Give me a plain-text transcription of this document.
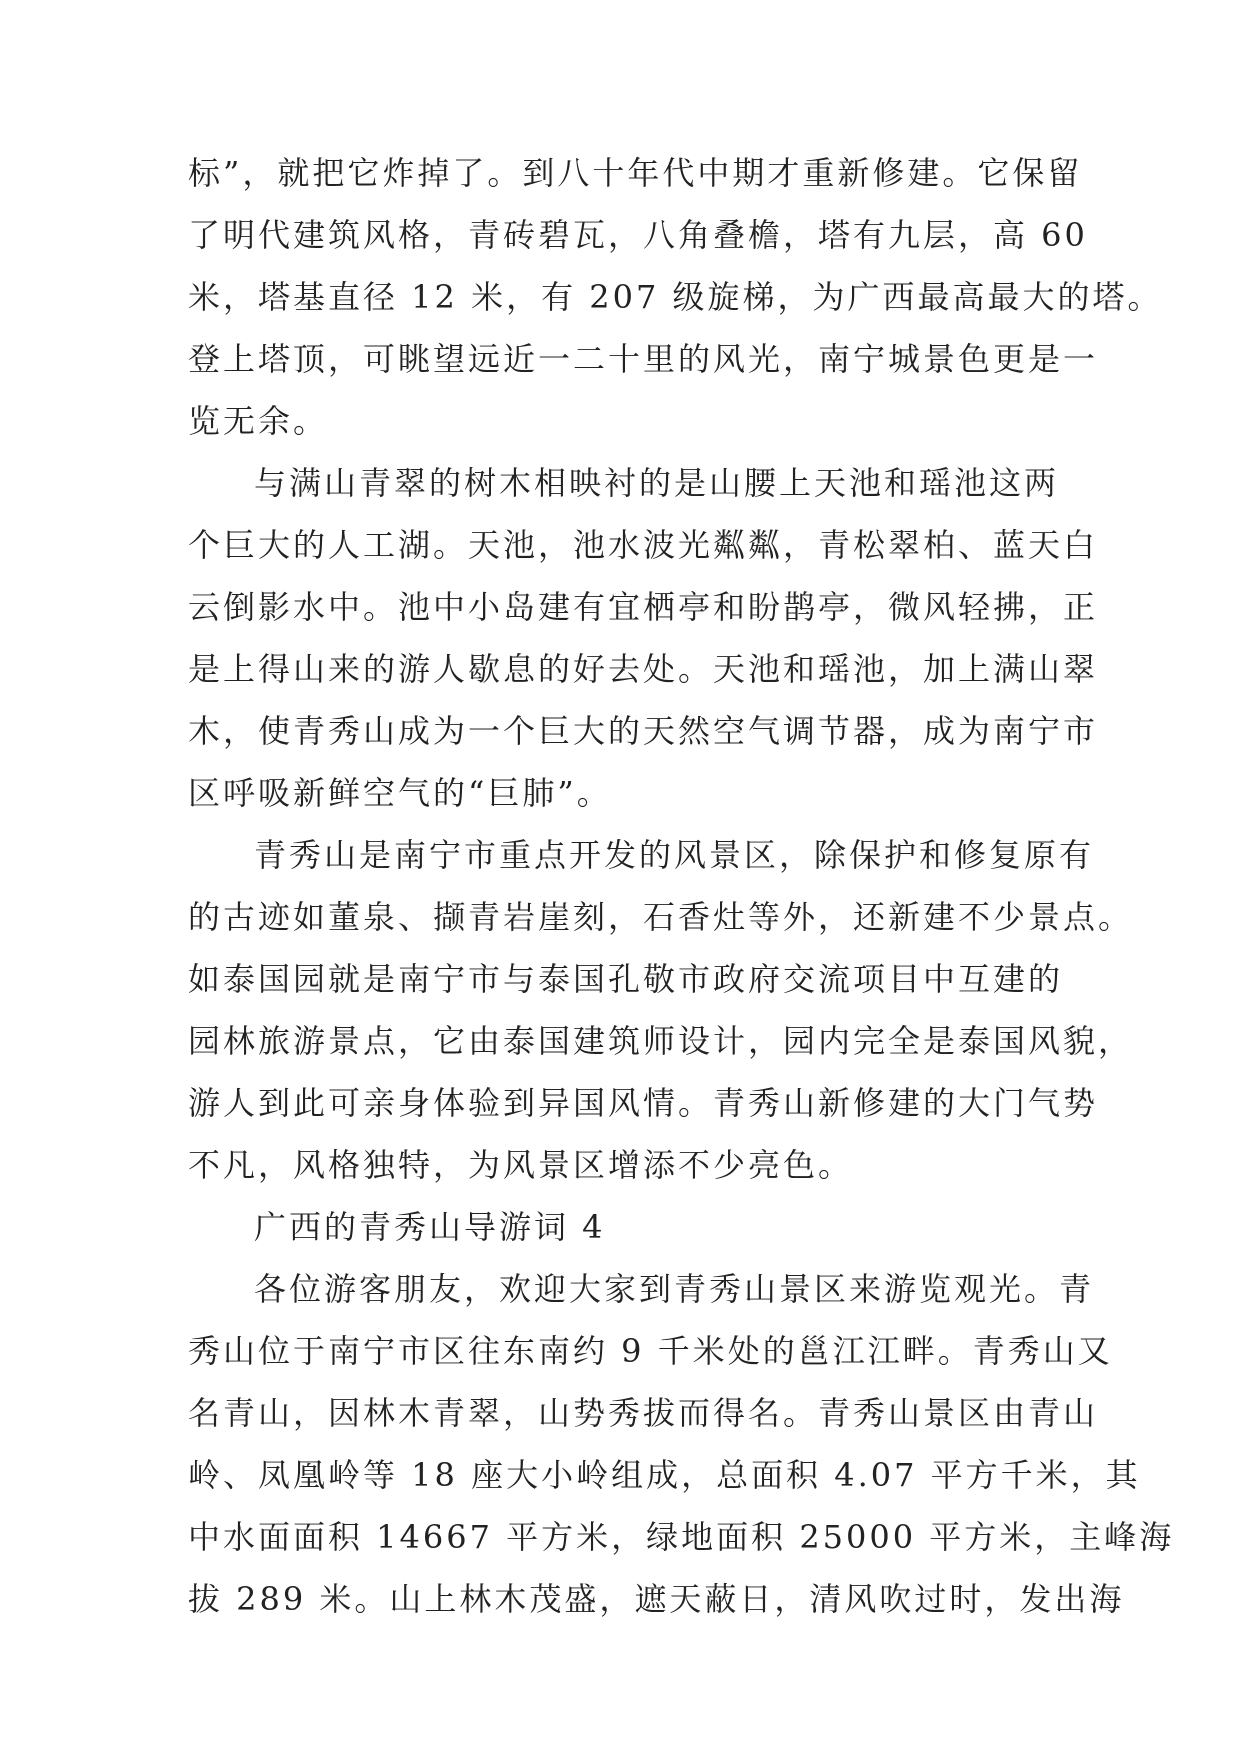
标”，就把它炸掉了。到八十年代中期才重新修建。它保留
了明代建筑风格，青砖碧瓦，八角叠檐，塔有九层，高 60
米，塔基直径 12 米，有 207 级旋梯，为广西最高最大的塔。
登上塔顶，可眺望远近一二十里的风光，南宁城景色更是一
览无余。
与满山青翠的树木相映衬的是山腰上天池和瑶池这两
个巨大的人工湖。天池，池水波光粼粼，青松翠柏、蓝天白
云倒影水中。池中小岛建有宜栖亭和盼鹊亭，微风轻拂，正
是上得山来的游人歇息的好去处。天池和瑶池，加上满山翠
木，使青秀山成为一个巨大的天然空气调节器，成为南宁市
区呼吸新鲜空气的“巨肺”。
青秀山是南宁市重点开发的风景区，除保护和修复原有
的古迹如董泉、撷青岩崖刻，石香灶等外，还新建不少景点。
如泰国园就是南宁市与泰国孔敬市政府交流项目中互建的
园林旅游景点，它由泰国建筑师设计，园内完全是泰国风貌，
游人到此可亲身体验到异国风情。青秀山新修建的大门气势
不凡，风格独特，为风景区增添不少亮色。
广西的青秀山导游词 4
各位游客朋友，欢迎大家到青秀山景区来游览观光。青
秀山位于南宁市区往东南约 9 千米处的邕江江畔。青秀山又
名青山，因林木青翠，山势秀拔而得名。青秀山景区由青山
岭、凤凰岭等 18 座大小岭组成，总面积 4.07 平方千米，其
中水面面积 14667 平方米，绿地面积 25000 平方米，主峰海
拔 289 米。山上林木茂盛，遮天蔽日，清风吹过时，发出海
